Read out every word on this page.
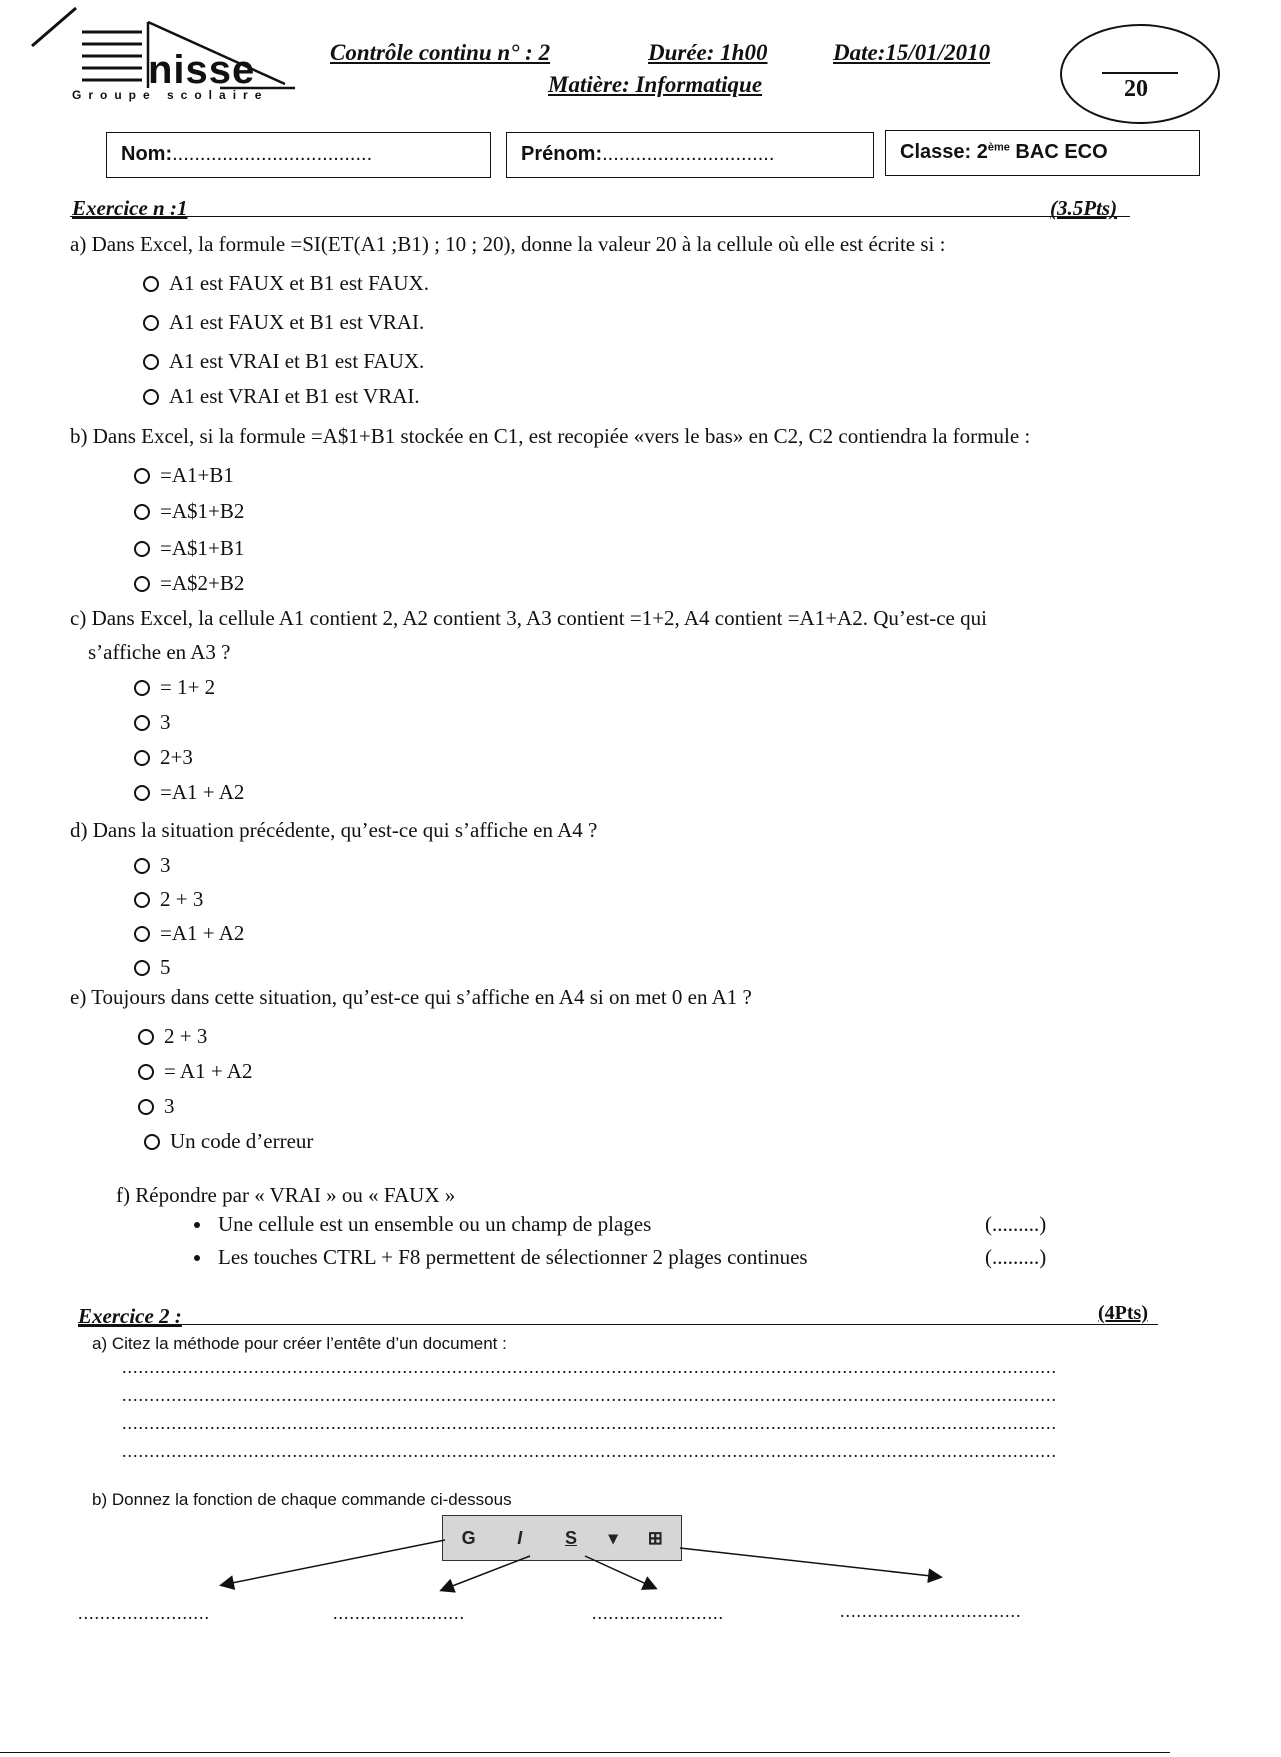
nisse
Groupe scolaire
Contrôle continu n° : 2	Durée: 1h00	Date:15/01/2010
Matière: Informatique	20
Nom:....................................	Prénom:...............................	Classe: 2ème BAC ECO
Exercice n :1	(3.5Pts)
a) Dans Excel, la formule =SI(ET(A1 ;B1) ; 10 ; 20), donne la valeur 20 à la cellule où elle est écrite si :
A1 est FAUX et B1 est FAUX.
A1 est FAUX et B1 est VRAI.
A1 est VRAI et B1 est FAUX.
A1 est VRAI et B1 est VRAI.
b) Dans Excel, si la formule =A$1+B1 stockée en C1, est recopiée «vers le bas» en C2, C2 contiendra la formule :
=A1+B1
=A$1+B2
=A$1+B1
=A$2+B2
c) Dans Excel, la cellule A1 contient 2, A2 contient 3, A3 contient =1+2, A4 contient =A1+A2. Qu’est-ce qui
s’affiche en A3 ?
= 1+ 2
3
2+3
=A1 + A2
d) Dans la situation précédente, qu’est-ce qui s’affiche en A4 ?
3
2 + 3
=A1 + A2
5
e) Toujours dans cette situation, qu’est-ce qui s’affiche en A4 si on met 0 en A1 ?
2 + 3
= A1 + A2
3
Un code d’erreur
f) Répondre par « VRAI » ou « FAUX »
Une cellule est un ensemble ou un champ de plages	(.........)
Les touches CTRL + F8 permettent de sélectionner 2 plages continues	(.........)
Exercice 2 :	(4Pts)
a) Citez la méthode pour créer l’entête d’un document :
..........................................................................................................................................................................
..........................................................................................................................................................................
..........................................................................................................................................................................
..........................................................................................................................................................................
b) Donnez la fonction de chaque commande ci-dessous
G	I	S	▾	⊞
........................	........................	........................	.................................
